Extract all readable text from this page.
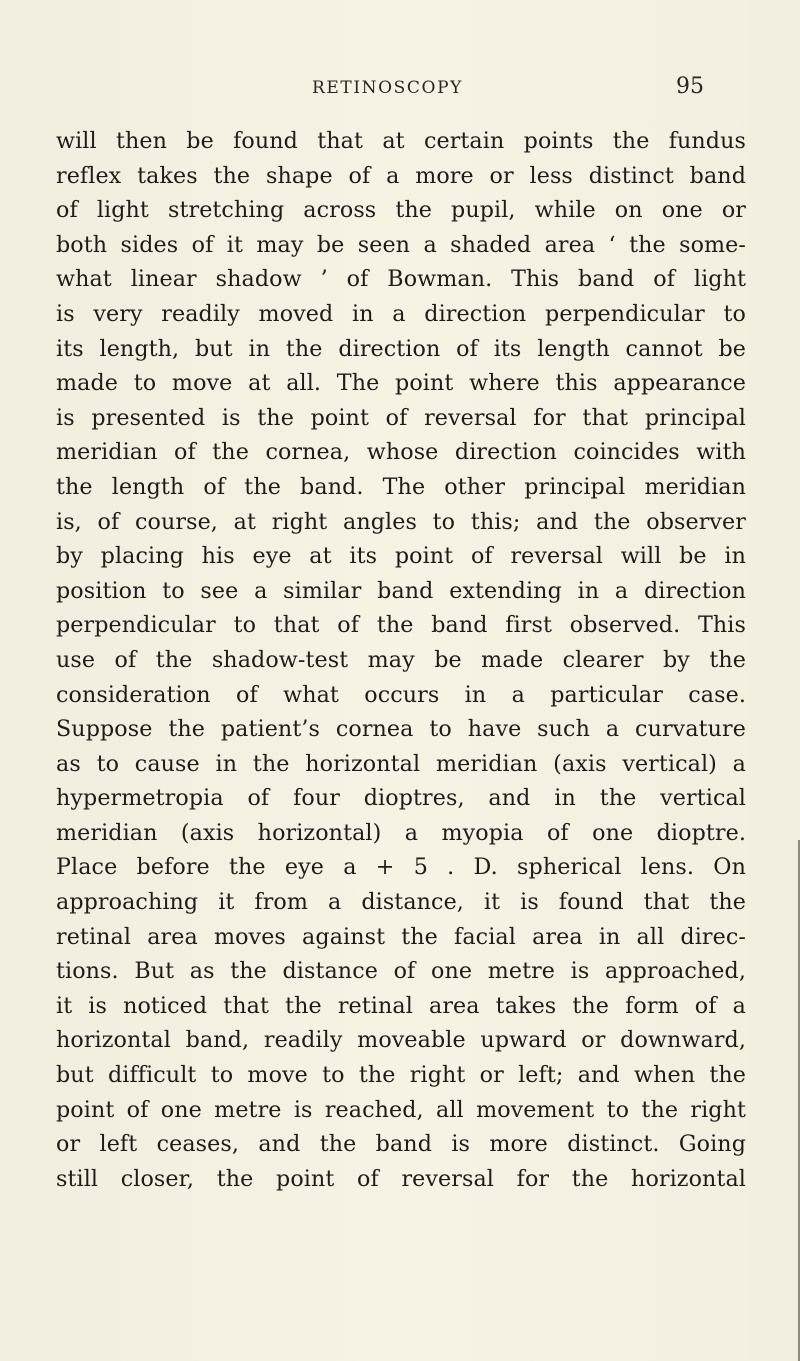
RETINOSCOPY	95
will then be found that at certain points the fundus
reflex takes the shape of a more or less distinct band
of light stretching across the pupil, while on one or
both sides of it may be seen a shaded area ‘ the some-
what linear shadow ’ of Bowman. This band of light
is very readily moved in a direction perpendicular to
its length, but in the direction of its length cannot be
made to move at all. The point where this appearance
is presented is the point of reversal for that principal
meridian of the cornea, whose direction coincides with
the length of the band. The other principal meridian
is, of course, at right angles to this; and the observer
by placing his eye at its point of reversal will be in
position to see a similar band extending in a direction
perpendicular to that of the band first observed. This
use of the shadow-test may be made clearer by the
consideration of what occurs in a particular case.
Suppose the patient’s cornea to have such a curvature
as to cause in the horizontal meridian (axis vertical) a
hypermetropia of four dioptres, and in the vertical
meridian (axis horizontal) a myopia of one dioptre.
Place before the eye a + 5 . D. spherical lens. On
approaching it from a distance, it is found that the
retinal area moves against the facial area in all direc-
tions. But as the distance of one metre is approached,
it is noticed that the retinal area takes the form of a
horizontal band, readily moveable upward or downward,
but difficult to move to the right or left; and when the
point of one metre is reached, all movement to the right
or left ceases, and the band is more distinct. Going
still closer, the point of reversal for the horizontal
